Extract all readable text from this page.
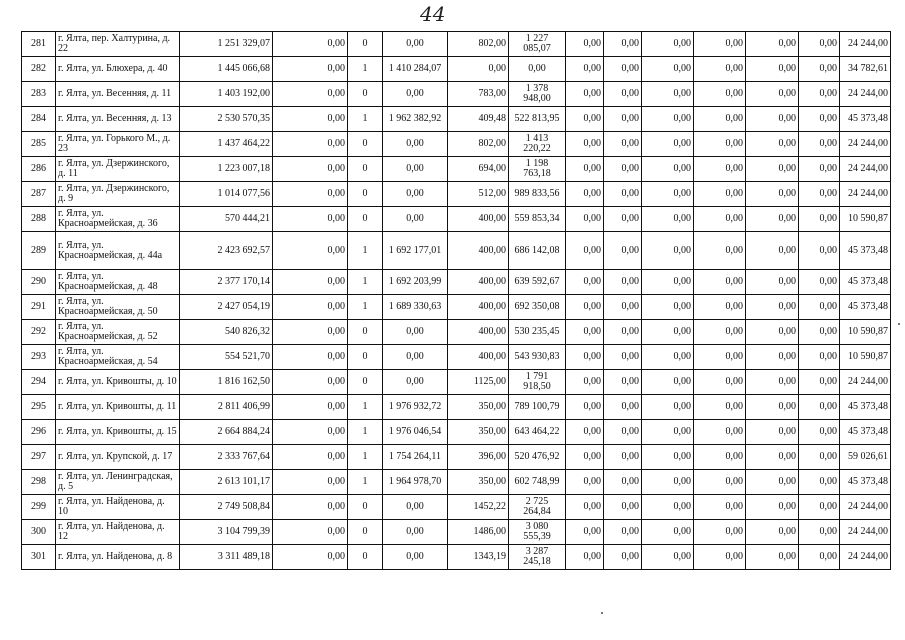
44
281	г. Ялта, пер. Халтурина, д. 22	1 251 329,07	0,00	0	0,00	802,00	1 227 085,07	0,00	0,00	0,00	0,00	0,00	0,00	24 244,00
282	г. Ялта, ул. Блюхера, д. 40	1 445 066,68	0,00	1	1 410 284,07	0,00	0,00	0,00	0,00	0,00	0,00	0,00	0,00	34 782,61
283	г. Ялта, ул. Весенняя, д. 11	1 403 192,00	0,00	0	0,00	783,00	1 378 948,00	0,00	0,00	0,00	0,00	0,00	0,00	24 244,00
284	г. Ялта, ул. Весенняя, д. 13	2 530 570,35	0,00	1	1 962 382,92	409,48	522 813,95	0,00	0,00	0,00	0,00	0,00	0,00	45 373,48
285	г. Ялта, ул. Горького М., д. 23	1 437 464,22	0,00	0	0,00	802,00	1 413 220,22	0,00	0,00	0,00	0,00	0,00	0,00	24 244,00
286	г. Ялта, ул. Дзержинского, д. 11	1 223 007,18	0,00	0	0,00	694,00	1 198 763,18	0,00	0,00	0,00	0,00	0,00	0,00	24 244,00
287	г. Ялта, ул. Дзержинского, д. 9	1 014 077,56	0,00	0	0,00	512,00	989 833,56	0,00	0,00	0,00	0,00	0,00	0,00	24 244,00
288	г. Ялта, ул. Красноармейская, д. 36	570 444,21	0,00	0	0,00	400,00	559 853,34	0,00	0,00	0,00	0,00	0,00	0,00	10 590,87
289	г. Ялта, ул. Красноармейская, д. 44а	2 423 692,57	0,00	1	1 692 177,01	400,00	686 142,08	0,00	0,00	0,00	0,00	0,00	0,00	45 373,48
290	г. Ялта, ул. Красноармейская, д. 48	2 377 170,14	0,00	1	1 692 203,99	400,00	639 592,67	0,00	0,00	0,00	0,00	0,00	0,00	45 373,48
291	г. Ялта, ул. Красноармейская, д. 50	2 427 054,19	0,00	1	1 689 330,63	400,00	692 350,08	0,00	0,00	0,00	0,00	0,00	0,00	45 373,48
292	г. Ялта, ул. Красноармейская, д. 52	540 826,32	0,00	0	0,00	400,00	530 235,45	0,00	0,00	0,00	0,00	0,00	0,00	10 590,87
293	г. Ялта, ул. Красноармейская, д. 54	554 521,70	0,00	0	0,00	400,00	543 930,83	0,00	0,00	0,00	0,00	0,00	0,00	10 590,87
294	г. Ялта, ул. Кривошты, д. 10	1 816 162,50	0,00	0	0,00	1125,00	1 791 918,50	0,00	0,00	0,00	0,00	0,00	0,00	24 244,00
295	г. Ялта, ул. Кривошты, д. 11	2 811 406,99	0,00	1	1 976 932,72	350,00	789 100,79	0,00	0,00	0,00	0,00	0,00	0,00	45 373,48
296	г. Ялта, ул. Кривошты, д. 15	2 664 884,24	0,00	1	1 976 046,54	350,00	643 464,22	0,00	0,00	0,00	0,00	0,00	0,00	45 373,48
297	г. Ялта, ул. Крупской, д. 17	2 333 767,64	0,00	1	1 754 264,11	396,00	520 476,92	0,00	0,00	0,00	0,00	0,00	0,00	59 026,61
298	г. Ялта, ул. Ленинградская, д. 5	2 613 101,17	0,00	1	1 964 978,70	350,00	602 748,99	0,00	0,00	0,00	0,00	0,00	0,00	45 373,48
299	г. Ялта, ул. Найденова, д. 10	2 749 508,84	0,00	0	0,00	1452,22	2 725 264,84	0,00	0,00	0,00	0,00	0,00	0,00	24 244,00
300	г. Ялта, ул. Найденова, д. 12	3 104 799,39	0,00	0	0,00	1486,00	3 080 555,39	0,00	0,00	0,00	0,00	0,00	0,00	24 244,00
301	г. Ялта, ул. Найденова, д. 8	3 311 489,18	0,00	0	0,00	1343,19	3 287 245,18	0,00	0,00	0,00	0,00	0,00	0,00	24 244,00
